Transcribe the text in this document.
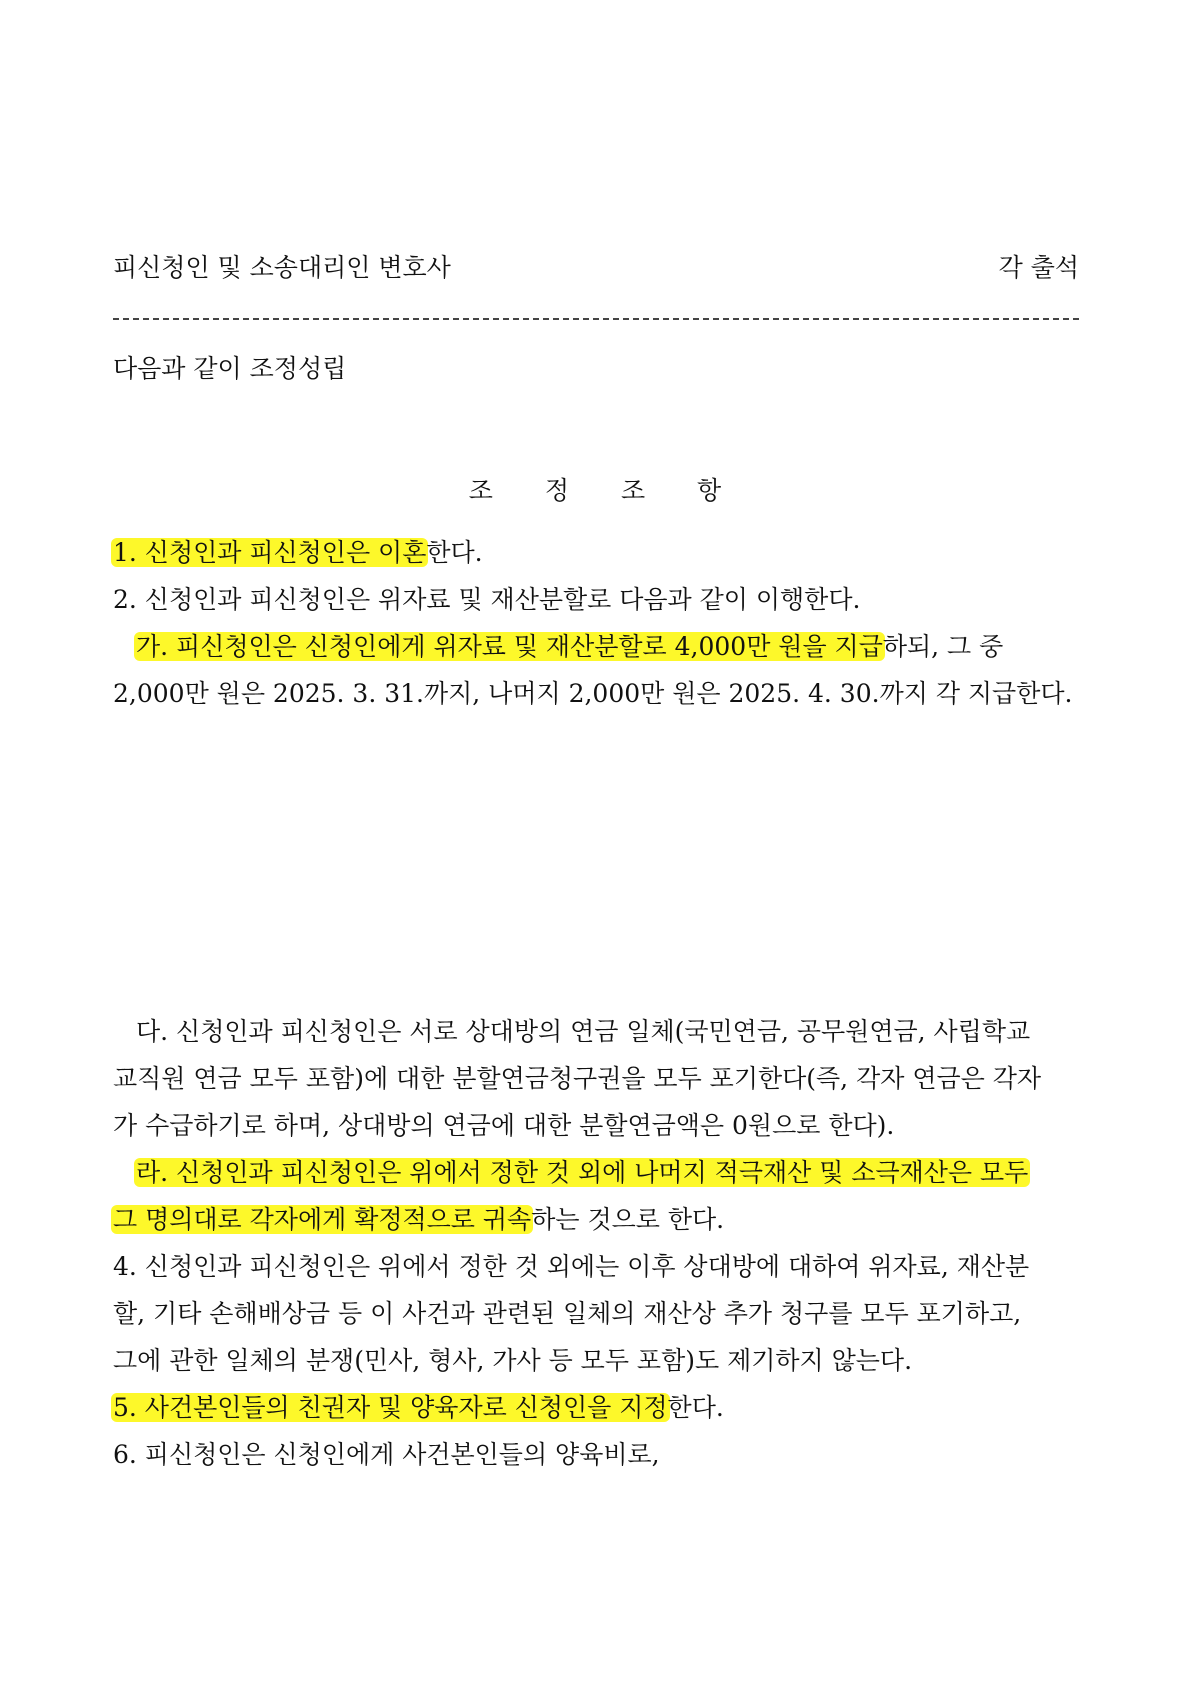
피신청인 및 소송대리인 변호사	각 출석
다음과 같이 조정성립
조 정 조 항
1. 신청인과 피신청인은 이혼한다.
2. 신청인과 피신청인은 위자료 및 재산분할로 다음과 같이 이행한다.
가. 피신청인은 신청인에게 위자료 및 재산분할로 4,000만 원을 지급하되, 그 중
2,000만 원은 2025. 3. 31.까지, 나머지 2,000만 원은 2025. 4. 30.까지 각 지급한다.
다. 신청인과 피신청인은 서로 상대방의 연금 일체(국민연금, 공무원연금, 사립학교
교직원 연금 모두 포함)에 대한 분할연금청구권을 모두 포기한다(즉, 각자 연금은 각자
가 수급하기로 하며, 상대방의 연금에 대한 분할연금액은 0원으로 한다).
라. 신청인과 피신청인은 위에서 정한 것 외에 나머지 적극재산 및 소극재산은 모두
그 명의대로 각자에게 확정적으로 귀속하는 것으로 한다.
4. 신청인과 피신청인은 위에서 정한 것 외에는 이후 상대방에 대하여 위자료, 재산분
할, 기타 손해배상금 등 이 사건과 관련된 일체의 재산상 추가 청구를 모두 포기하고,
그에 관한 일체의 분쟁(민사, 형사, 가사 등 모두 포함)도 제기하지 않는다.
5. 사건본인들의 친권자 및 양육자로 신청인을 지정한다.
6. 피신청인은 신청인에게 사건본인들의 양육비로,
